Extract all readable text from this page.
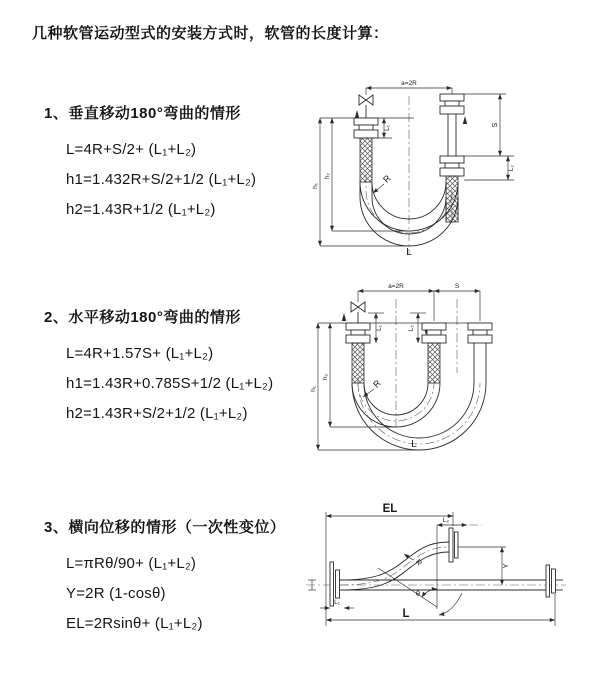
几种软管运动型式的安装方式时，软管的长度计算：
1、垂直移动180°弯曲的情形
L=4R+S/2+ (L₁+L₂)
h1=1.432R+S/2+1/2 (L₁+L₂)
h2=1.43R+1/2 (L₁+L₂)
2、水平移动180°弯曲的情形
L=4R+1.57S+ (L₁+L₂)
h1=1.43R+0.785S+1/2 (L₁+L₂)
h2=1.43R+S/2+1/2 (L₁+L₂)
3、横向位移的情形（一次性变位）
L=πRθ/90+ (L₁+L₂)
Y=2R (1-cosθ)
EL=2Rsinθ+ (L₁+L₂)
a=2R
L₁
S
L₂
h₁
h₂	R
L
a=2R	S
L₁	L₂
h₁
h₂
R
L
EL
L₂
θ
Y
L
L₁
R
